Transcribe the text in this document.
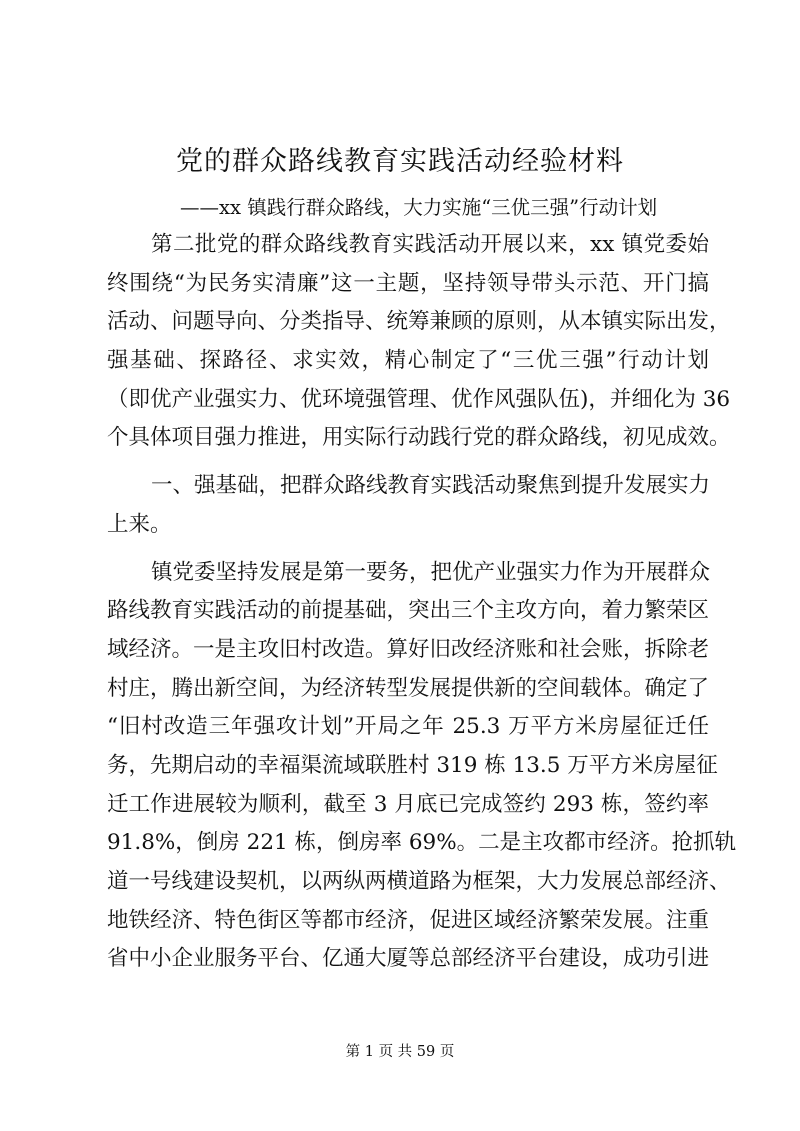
党的群众路线教育实践活动经验材料
——xx 镇践行群众路线，大力实施“三优三强”行动计划
第二批党的群众路线教育实践活动开展以来，xx 镇党委始
终围绕“为民务实清廉”这一主题，坚持领导带头示范、开门搞
活动、问题导向、分类指导、统筹兼顾的原则，从本镇实际出发，
强基础、探路径、求实效，精心制定了“三优三强”行动计划
（即优产业强实力、优环境强管理、优作风强队伍)，并细化为 36
个具体项目强力推进，用实际行动践行党的群众路线，初见成效。
一、强基础，把群众路线教育实践活动聚焦到提升发展实力
上来。
镇党委坚持发展是第一要务，把优产业强实力作为开展群众
路线教育实践活动的前提基础，突出三个主攻方向，着力繁荣区
域经济。一是主攻旧村改造。算好旧改经济账和社会账，拆除老
村庄，腾出新空间，为经济转型发展提供新的空间载体。确定了
“旧村改造三年强攻计划”开局之年 25.3 万平方米房屋征迁任
务，先期启动的幸福渠流域联胜村 319 栋 13.5 万平方米房屋征
迁工作进展较为顺利，截至 3 月底已完成签约 293 栋，签约率
91.8%，倒房 221 栋，倒房率 69%。二是主攻都市经济。抢抓轨
道一号线建设契机，以两纵两横道路为框架，大力发展总部经济、
地铁经济、特色街区等都市经济，促进区域经济繁荣发展。注重
省中小企业服务平台、亿通大厦等总部经济平台建设，成功引进
第 1 页 共 59 页
